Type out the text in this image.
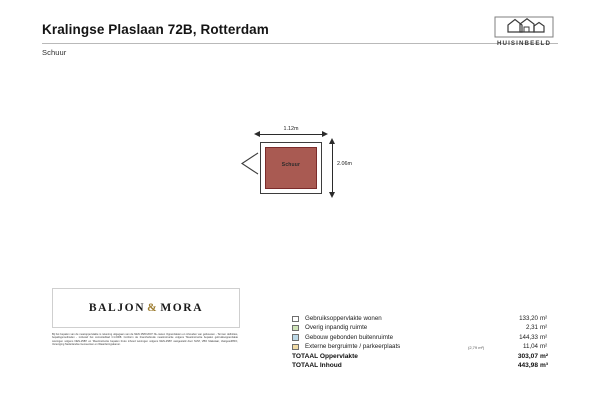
Kralingse Plaslaan 72B, Rotterdam
Schuur
HUISINBEELD
1.12m
Schuur	2.06m
BALJON & MORA
Bij het bepalen van de meetoppervlakte is rekening uitgegaan van de NEN 2580:2007 NL-meten Oppervlakten en inhouden van gebouwen - Termen definities, bepalingsmethoden - inclusief het correctieblad C1:2008. Conform de branchebrede meetinstructie volgens 'Meetinstructie bepalen gebruiksoppervlakte woningen volgens NEN-2580' en 'Meetinstructie bepalen bruto inhoud woningen volgens NEN-2580' vastgesteld door NVM, VBO Makelaar, VastgoedPRO, Vereniging Nederlandse Gemeenten en Waarderingskamer.
Gebruiksoppervlakte wonen	133,20 m²
Overig inpandig ruimte	2,31 m²
Gebouw gebonden buitenruimte	144,33 m²
Externe bergruimte / parkeerplaats	(2,79 m²)	11,04 m²
TOTAAL Oppervlakte	303,07 m²
TOTAAL Inhoud	443,98 m³
